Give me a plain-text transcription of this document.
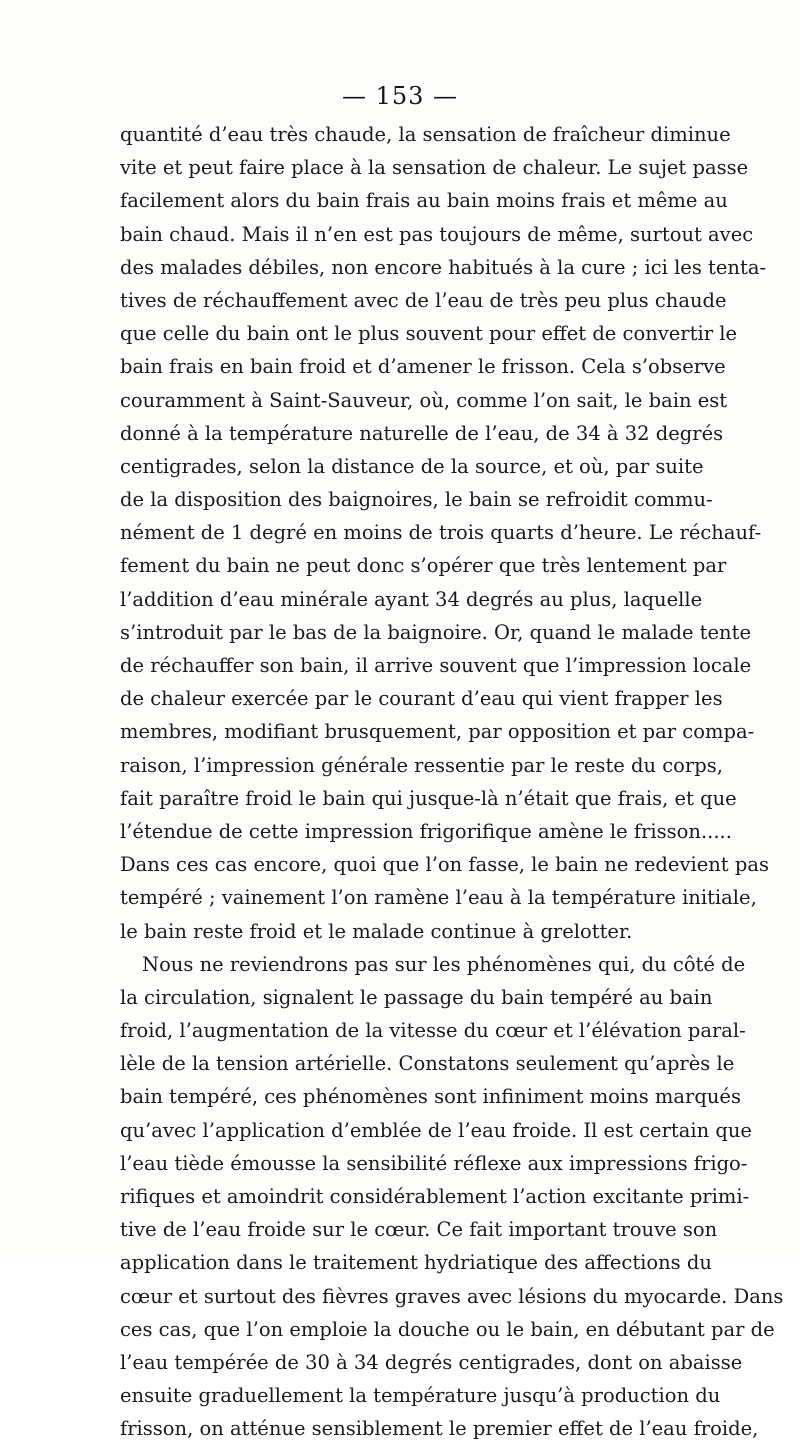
— 153 —
quantité d’eau très chaude, la sensation de fraîcheur diminue
vite et peut faire place à la sensation de chaleur. Le sujet passe
facilement alors du bain frais au bain moins frais et même au
bain chaud. Mais il n’en est pas toujours de même, surtout avec
des malades débiles, non encore habitués à la cure ; ici les tenta-
tives de réchauffement avec de l’eau de très peu plus chaude
que celle du bain ont le plus souvent pour effet de convertir le
bain frais en bain froid et d’amener le frisson. Cela s’observe
couramment à Saint-Sauveur, où, comme l’on sait, le bain est
donné à la température naturelle de l’eau, de 34 à 32 degrés
centigrades, selon la distance de la source, et où, par suite
de la disposition des baignoires, le bain se refroidit commu-
nément de 1 degré en moins de trois quarts d’heure. Le réchauf-
fement du bain ne peut donc s’opérer que très lentement par
l’addition d’eau minérale ayant 34 degrés au plus, laquelle
s’introduit par le bas de la baignoire. Or, quand le malade tente
de réchauffer son bain, il arrive souvent que l’impression locale
de chaleur exercée par le courant d’eau qui vient frapper les
membres, modifiant brusquement, par opposition et par compa-
raison, l’impression générale ressentie par le reste du corps,
fait paraître froid le bain qui jusque-là n’était que frais, et que
l’étendue de cette impression frigorifique amène le frisson.....
Dans ces cas encore, quoi que l’on fasse, le bain ne redevient pas
tempéré ; vainement l’on ramène l’eau à la température initiale,
le bain reste froid et le malade continue à grelotter.
Nous ne reviendrons pas sur les phénomènes qui, du côté de
la circulation, signalent le passage du bain tempéré au bain
froid, l’augmentation de la vitesse du cœur et l’élévation paral-
lèle de la tension artérielle. Constatons seulement qu’après le
bain tempéré, ces phénomènes sont infiniment moins marqués
qu’avec l’application d’emblée de l’eau froide. Il est certain que
l’eau tiède émousse la sensibilité réflexe aux impressions frigo-
rifiques et amoindrit considérablement l’action excitante primi-
tive de l’eau froide sur le cœur. Ce fait important trouve son
application dans le traitement hydriatique des affections du
cœur et surtout des fièvres graves avec lésions du myocarde. Dans
ces cas, que l’on emploie la douche ou le bain, en débutant par de
l’eau tempérée de 30 à 34 degrés centigrades, dont on abaisse
ensuite graduellement la température jusqu’à production du
frisson, on atténue sensiblement le premier effet de l’eau froide,
